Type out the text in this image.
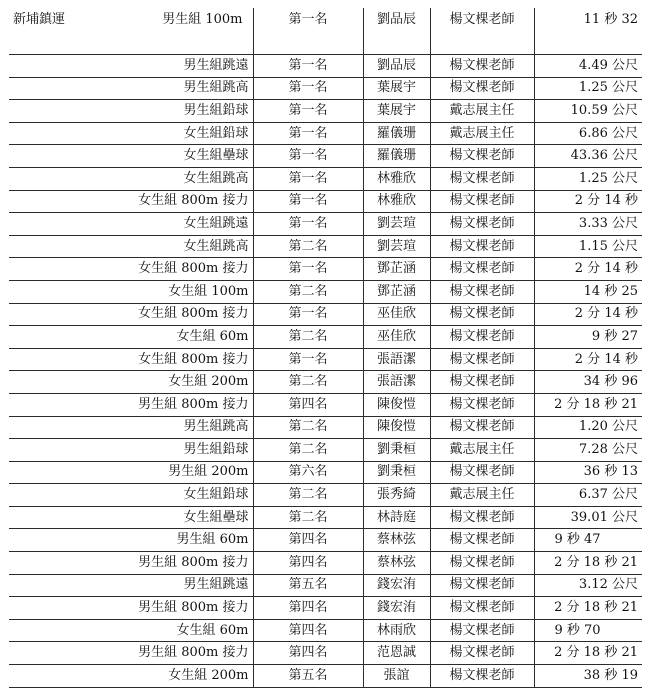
新埔鎮運	男生組 100m	第一名	劉品辰	楊文棵老師	11 秒 32
	男生組跳遠	第一名	劉品辰	楊文棵老師	4.49 公尺
	男生組跳高	第一名	葉展宇	楊文棵老師	1.25 公尺
	男生組鉛球	第一名	葉展宇	戴志展主任	10.59 公尺
	女生組鉛球	第一名	羅儀珊	戴志展主任	6.86 公尺
	女生組壘球	第一名	羅儀珊	楊文棵老師	43.36 公尺
	女生組跳高	第一名	林雅欣	楊文棵老師	1.25 公尺
	女生組 800m 接力	第一名	林雅欣	楊文棵老師	2 分 14 秒
	女生組跳遠	第一名	劉芸瑄	楊文棵老師	3.33 公尺
	女生組跳高	第二名	劉芸瑄	楊文棵老師	1.15 公尺
	女生組 800m 接力	第一名	鄧芷涵	楊文棵老師	2 分 14 秒
	女生組 100m	第二名	鄧芷涵	楊文棵老師	14 秒 25
	女生組 800m 接力	第一名	巫佳欣	楊文棵老師	2 分 14 秒
	女生組 60m	第二名	巫佳欣	楊文棵老師	9 秒 27
	女生組 800m 接力	第一名	張語潔	楊文棵老師	2 分 14 秒
	女生組 200m	第二名	張語潔	楊文棵老師	34 秒 96
	男生組 800m 接力	第四名	陳俊愷	楊文棵老師	2 分 18 秒 21
	男生組跳高	第二名	陳俊愷	楊文棵老師	1.20 公尺
	男生組鉛球	第二名	劉秉桓	戴志展主任	7.28 公尺
	男生組 200m	第六名	劉秉桓	楊文棵老師	36 秒 13
	女生組鉛球	第二名	張秀綺	戴志展主任	6.37 公尺
	女生組壘球	第二名	林詩庭	楊文棵老師	39.01 公尺
	男生組 60m	第四名	蔡林弦	楊文棵老師	9 秒 47
	男生組 800m 接力	第四名	蔡林弦	楊文棵老師	2 分 18 秒 21
	男生組跳遠	第五名	錢宏洧	楊文棵老師	3.12 公尺
	男生組 800m 接力	第四名	錢宏洧	楊文棵老師	2 分 18 秒 21
	女生組 60m	第四名	林雨欣	楊文棵老師	9 秒 70
	男生組 800m 接力	第四名	范恩誠	楊文棵老師	2 分 18 秒 21
	女生組 200m	第五名	張誼	楊文棵老師	38 秒 19
